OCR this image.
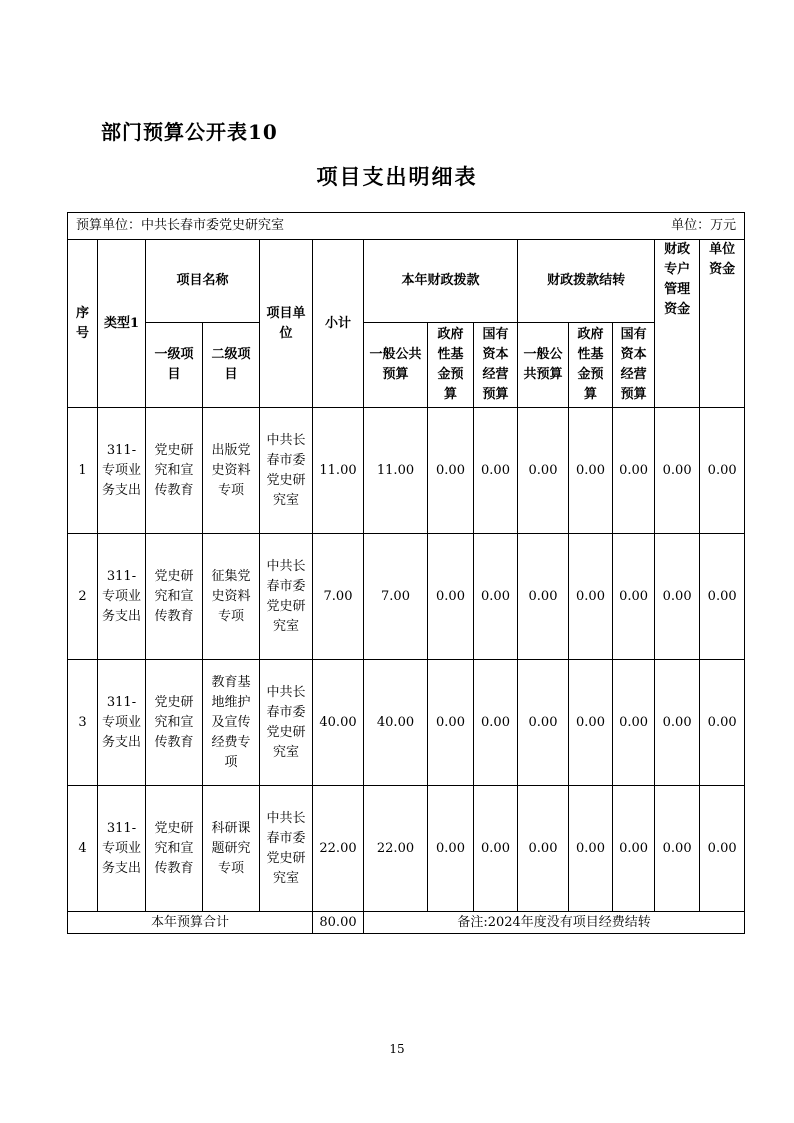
部门预算公开表10
项目支出明细表
预算单位：中共长春市委党史研究室												单位：万元	
序号	类型1	项目名称		项目单位	小计	本年财政拨款			财政拨款结转			财政专户管理资金	单位资金
		一级项目	二级项目			一般公共预算	政府性基金预算	国有资本经营预算	一般公共预算	政府性基金预算	国有资本经营预算		
1	311-专项业务支出	党史研究和宣传教育	出版党史资料专项	中共长春市委党史研究室	11.00	11.00	0.00	0.00	0.00	0.00	0.00	0.00	0.00
2	311-专项业务支出	党史研究和宣传教育	征集党史资料专项	中共长春市委党史研究室	7.00	7.00	0.00	0.00	0.00	0.00	0.00	0.00	0.00
3	311-专项业务支出	党史研究和宣传教育	教育基地维护及宣传经费专项	中共长春市委党史研究室	40.00	40.00	0.00	0.00	0.00	0.00	0.00	0.00	0.00
4	311-专项业务支出	党史研究和宣传教育	科研课题研究专项	中共长春市委党史研究室	22.00	22.00	0.00	0.00	0.00	0.00	0.00	0.00	0.00
本年预算合计					80.00	备注:2024年度没有项目经费结转							
15
